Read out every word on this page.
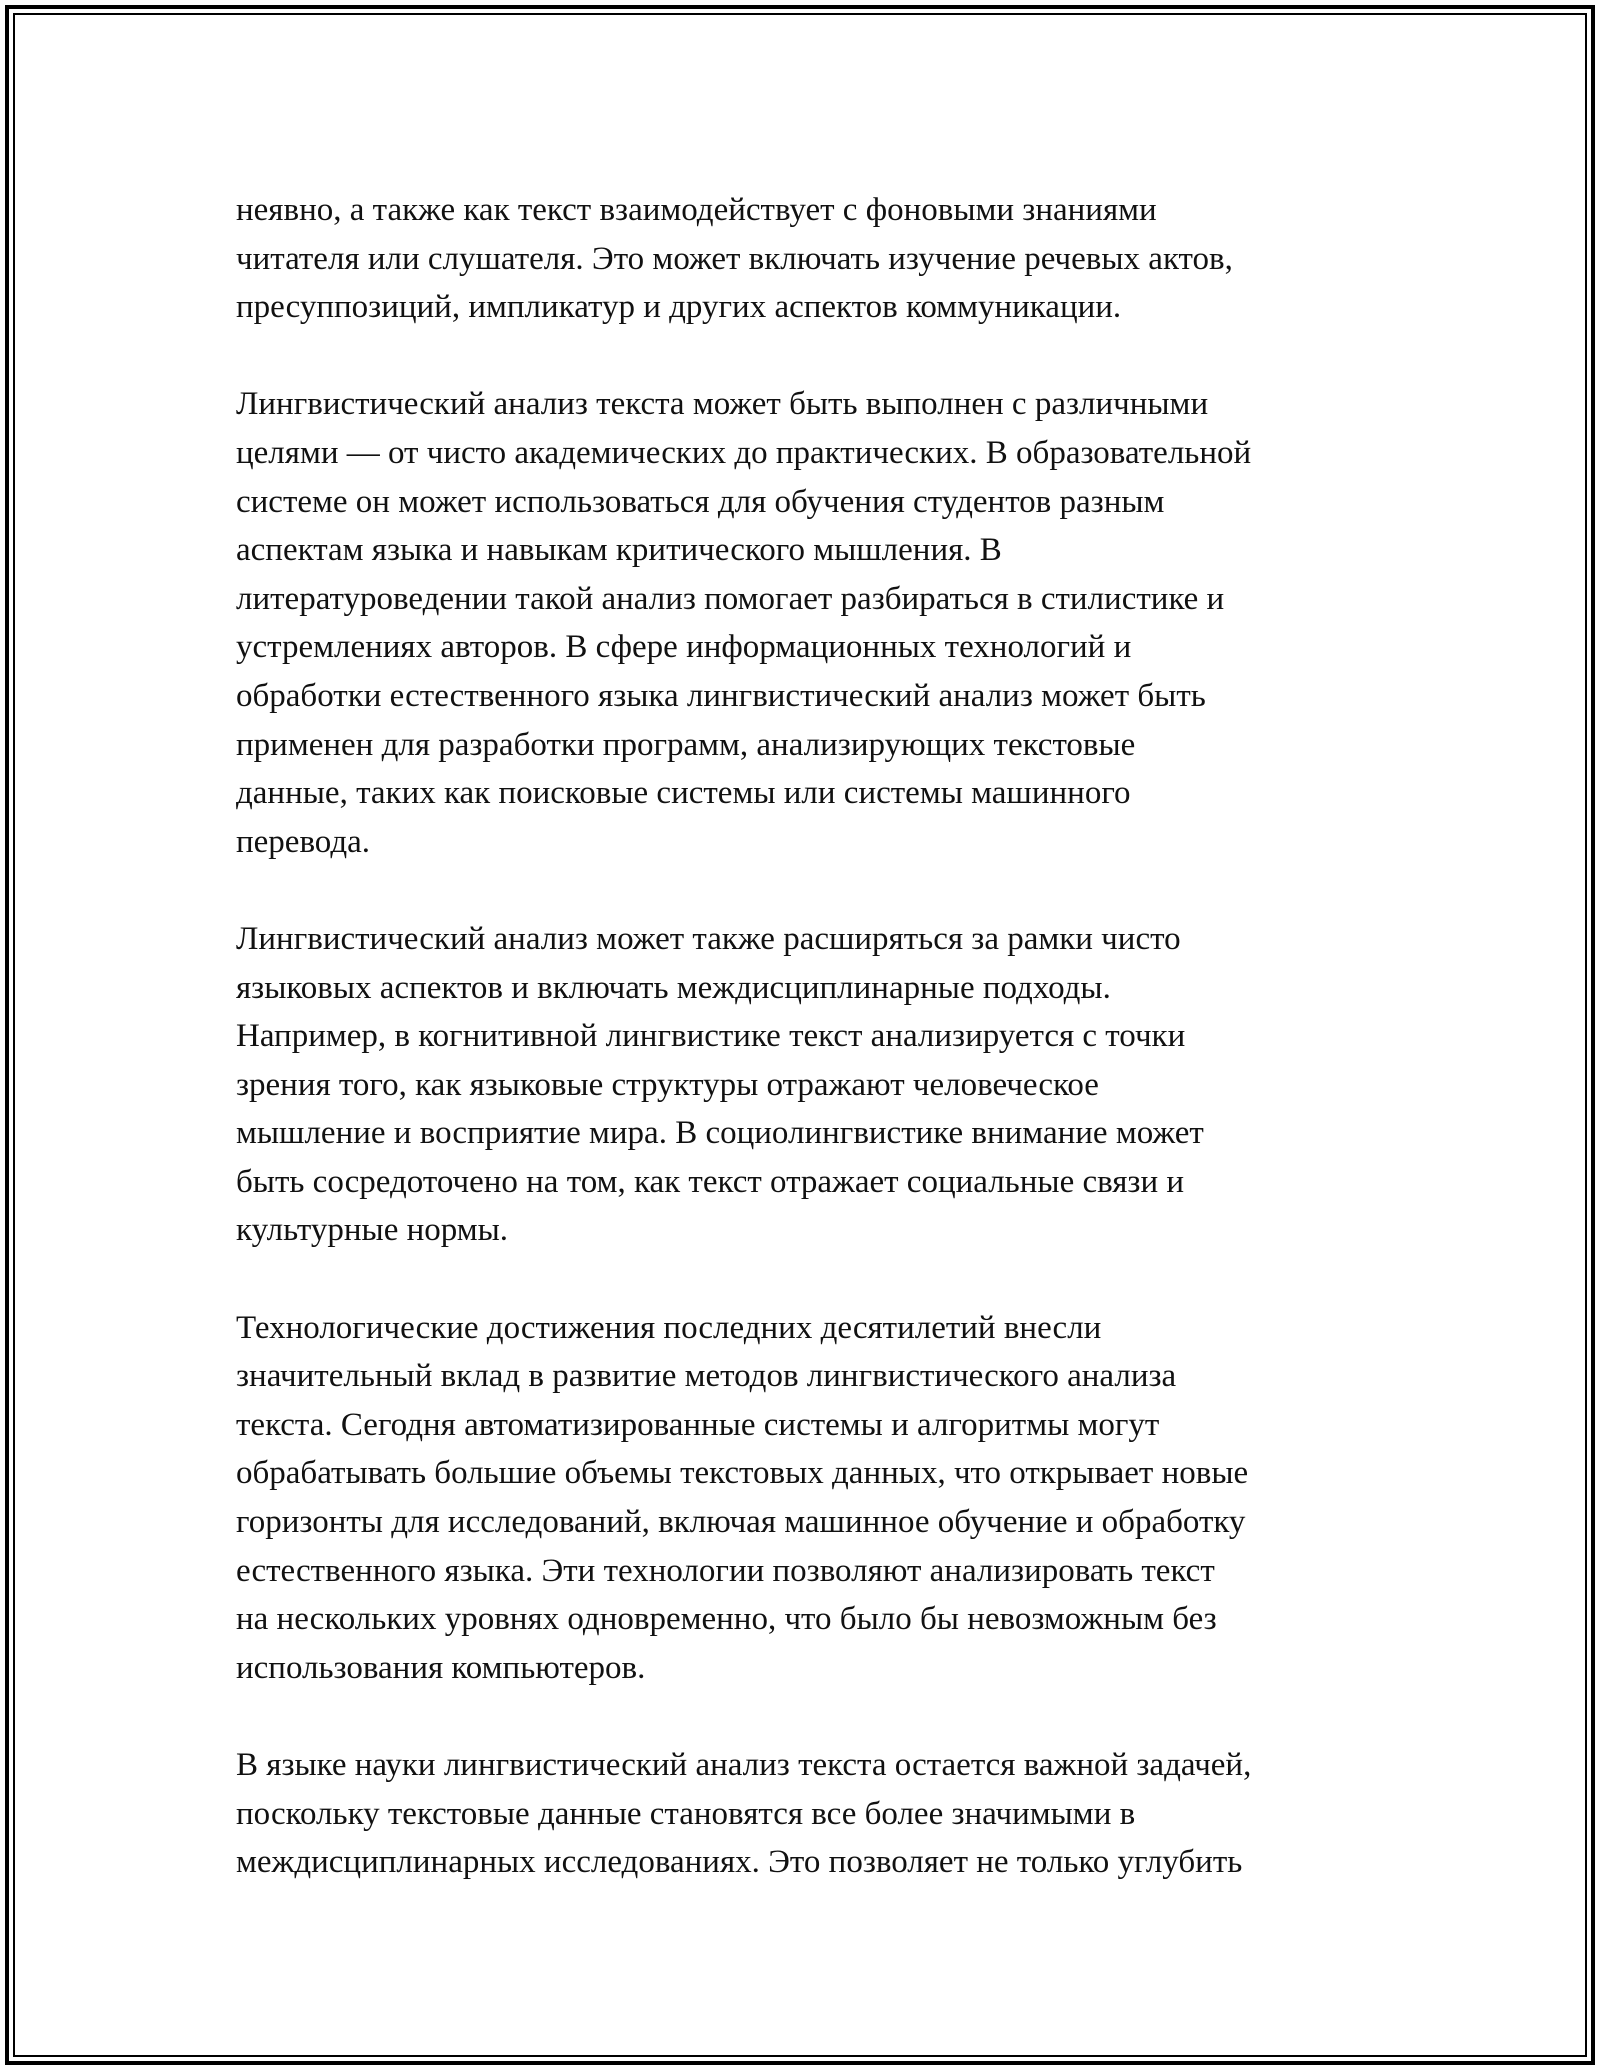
неявно, а также как текст взаимодействует с фоновыми знаниями
читателя или слушателя. Это может включать изучение речевых актов,
пресуппозиций, импликатур и других аспектов коммуникации.

Лингвистический анализ текста может быть выполнен с различными
целями — от чисто академических до практических. В образовательной
системе он может использоваться для обучения студентов разным
аспектам языка и навыкам критического мышления. В
литературоведении такой анализ помогает разбираться в стилистике и
устремлениях авторов. В сфере информационных технологий и
обработки естественного языка лингвистический анализ может быть
применен для разработки программ, анализирующих текстовые
данные, таких как поисковые системы или системы машинного
перевода.

Лингвистический анализ может также расширяться за рамки чисто
языковых аспектов и включать междисциплинарные подходы.
Например, в когнитивной лингвистике текст анализируется с точки
зрения того, как языковые структуры отражают человеческое
мышление и восприятие мира. В социолингвистике внимание может
быть сосредоточено на том, как текст отражает социальные связи и
культурные нормы.

Технологические достижения последних десятилетий внесли
значительный вклад в развитие методов лингвистического анализа
текста. Сегодня автоматизированные системы и алгоритмы могут
обрабатывать большие объемы текстовых данных, что открывает новые
горизонты для исследований, включая машинное обучение и обработку
естественного языка. Эти технологии позволяют анализировать текст
на нескольких уровнях одновременно, что было бы невозможным без
использования компьютеров.

В языке науки лингвистический анализ текста остается важной задачей,
поскольку текстовые данные становятся все более значимыми в
междисциплинарных исследованиях. Это позволяет не только углубить
